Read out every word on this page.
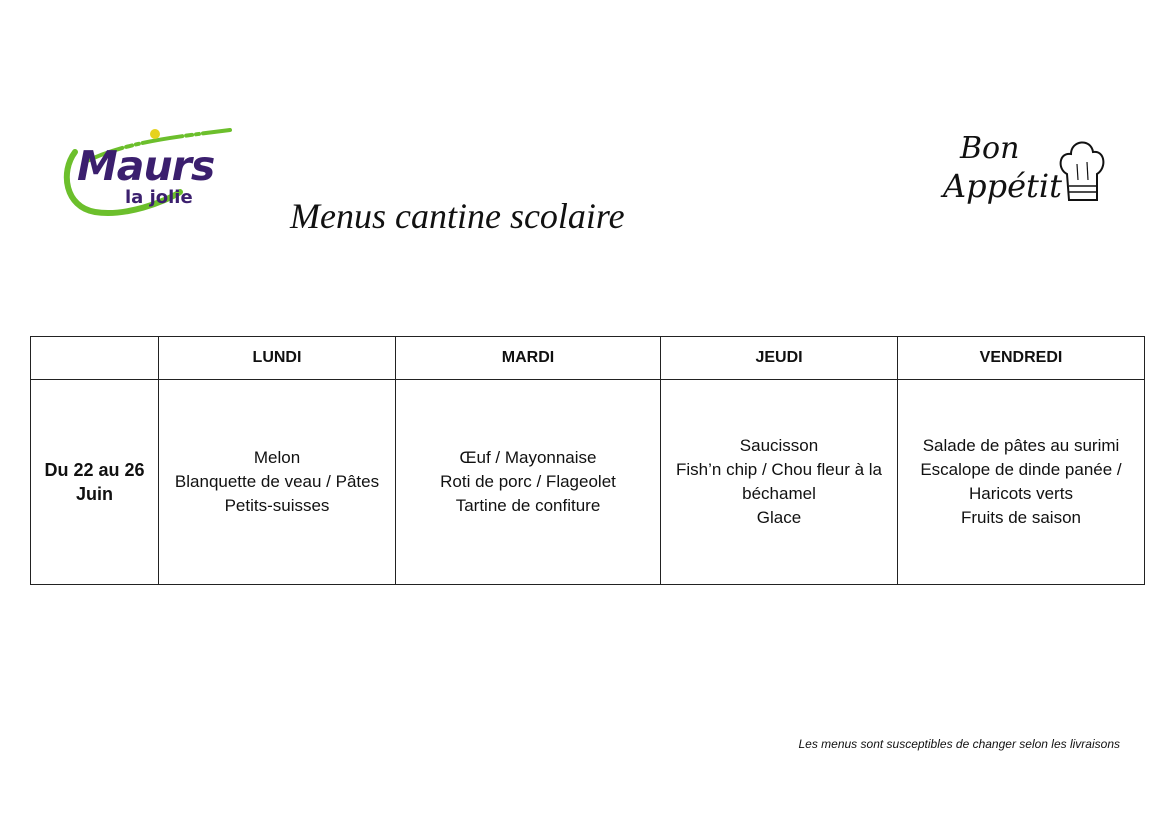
Maurs
la jolie
Bon
Appétit
Menus cantine scolaire
	LUNDI	MARDI	JEUDI	VENDREDI

Du 22 au 26
Juin	Melon
Blanquette de veau / Pâtes
Petits-suisses	Œuf / Mayonnaise
Roti de porc / Flageolet
Tartine de confiture	Saucisson
Fish’n chip / Chou fleur à la
béchamel
Glace	Salade de pâtes au surimi
Escalope de dinde panée /
Haricots verts
Fruits de saison
Les menus sont susceptibles de changer selon les livraisons
